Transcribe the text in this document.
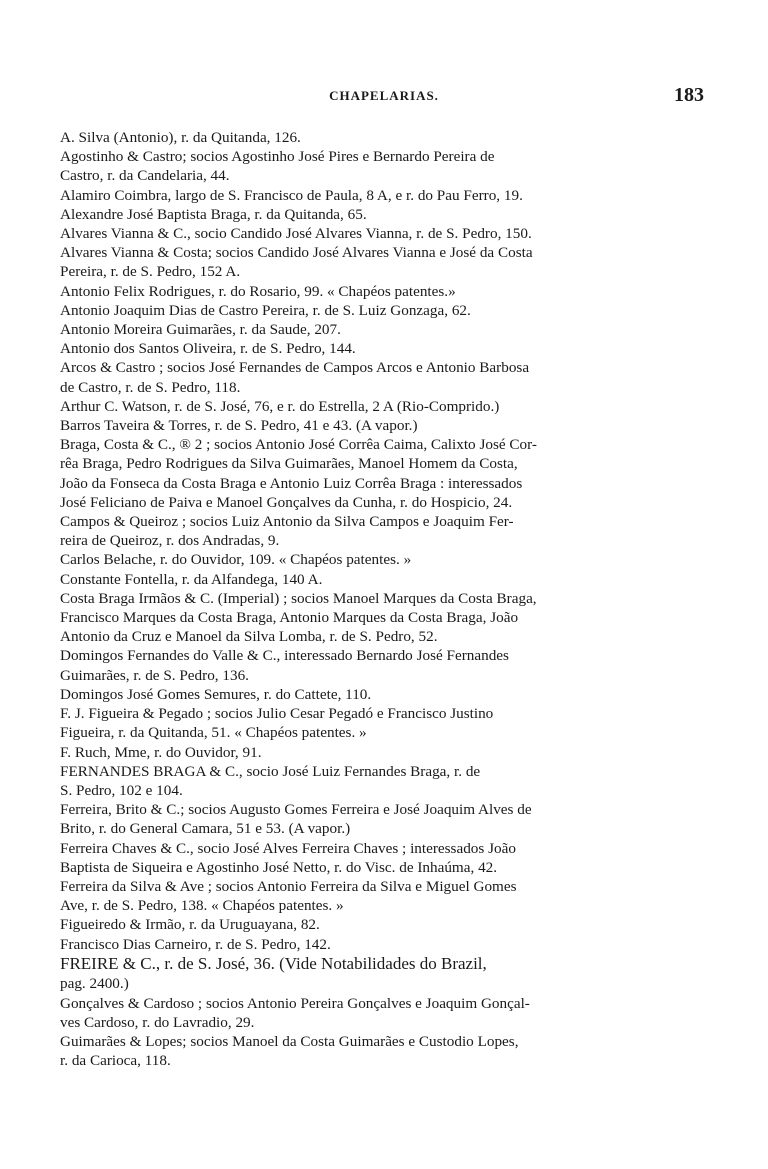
CHAPELARIAS.	183
A. Silva (Antonio), r. da Quitanda, 126.
Agostinho & Castro; socios Agostinho José Pires e Bernardo Pereira de
Castro, r. da Candelaria, 44.
Alamiro Coimbra, largo de S. Francisco de Paula, 8 A, e r. do Pau Ferro, 19.
Alexandre José Baptista Braga, r. da Quitanda, 65.
Alvares Vianna & C., socio Candido José Alvares Vianna, r. de S. Pedro, 150.
Alvares Vianna & Costa; socios Candido José Alvares Vianna e José da Costa
Pereira, r. de S. Pedro, 152 A.
Antonio Felix Rodrigues, r. do Rosario, 99. « Chapéos patentes.»
Antonio Joaquim Dias de Castro Pereira, r. de S. Luiz Gonzaga, 62.
Antonio Moreira Guimarães, r. da Saude, 207.
Antonio dos Santos Oliveira, r. de S. Pedro, 144.
Arcos & Castro ; socios José Fernandes de Campos Arcos e Antonio Barbosa
de Castro, r. de S. Pedro, 118.
Arthur C. Watson, r. de S. José, 76, e r. do Estrella, 2 A (Rio-Comprido.)
Barros Taveira & Torres, r. de S. Pedro, 41 e 43. (A vapor.)
Braga, Costa & C., ® 2 ; socios Antonio José Corrêa Caima, Calixto José Cor-
rêa Braga, Pedro Rodrigues da Silva Guimarães, Manoel Homem da Costa,
João da Fonseca da Costa Braga e Antonio Luiz Corrêa Braga : interessados
José Feliciano de Paiva e Manoel Gonçalves da Cunha, r. do Hospicio, 24.
Campos & Queiroz ; socios Luiz Antonio da Silva Campos e Joaquim Fer-
reira de Queiroz, r. dos Andradas, 9.
Carlos Belache, r. do Ouvidor, 109. « Chapéos patentes. »
Constante Fontella, r. da Alfandega, 140 A.
Costa Braga Irmãos & C. (Imperial) ; socios Manoel Marques da Costa Braga,
Francisco Marques da Costa Braga, Antonio Marques da Costa Braga, João
Antonio da Cruz e Manoel da Silva Lomba, r. de S. Pedro, 52.
Domingos Fernandes do Valle & C., interessado Bernardo José Fernandes
Guimarães, r. de S. Pedro, 136.
Domingos José Gomes Semures, r. do Cattete, 110.
F. J. Figueira & Pegado ; socios Julio Cesar Pegadó e Francisco Justino
Figueira, r. da Quitanda, 51. « Chapéos patentes. »
F. Ruch, Mme, r. do Ouvidor, 91.
FERNANDES BRAGA & C., socio José Luiz Fernandes Braga, r. de
S. Pedro, 102 e 104.
Ferreira, Brito & C.; socios Augusto Gomes Ferreira e José Joaquim Alves de
Brito, r. do General Camara, 51 e 53. (A vapor.)
Ferreira Chaves & C., socio José Alves Ferreira Chaves ; interessados João
Baptista de Siqueira e Agostinho José Netto, r. do Visc. de Inhaúma, 42.
Ferreira da Silva & Ave ; socios Antonio Ferreira da Silva e Miguel Gomes
Ave, r. de S. Pedro, 138. « Chapéos patentes. »
Figueiredo & Irmão, r. da Uruguayana, 82.
Francisco Dias Carneiro, r. de S. Pedro, 142.
FREIRE & C., r. de S. José, 36. (Vide Notabilidades do Brazil,
pag. 2400.)
Gonçalves & Cardoso ; socios Antonio Pereira Gonçalves e Joaquim Gonçal-
ves Cardoso, r. do Lavradio, 29.
Guimarães & Lopes; socios Manoel da Costa Guimarães e Custodio Lopes,
r. da Carioca, 118.
